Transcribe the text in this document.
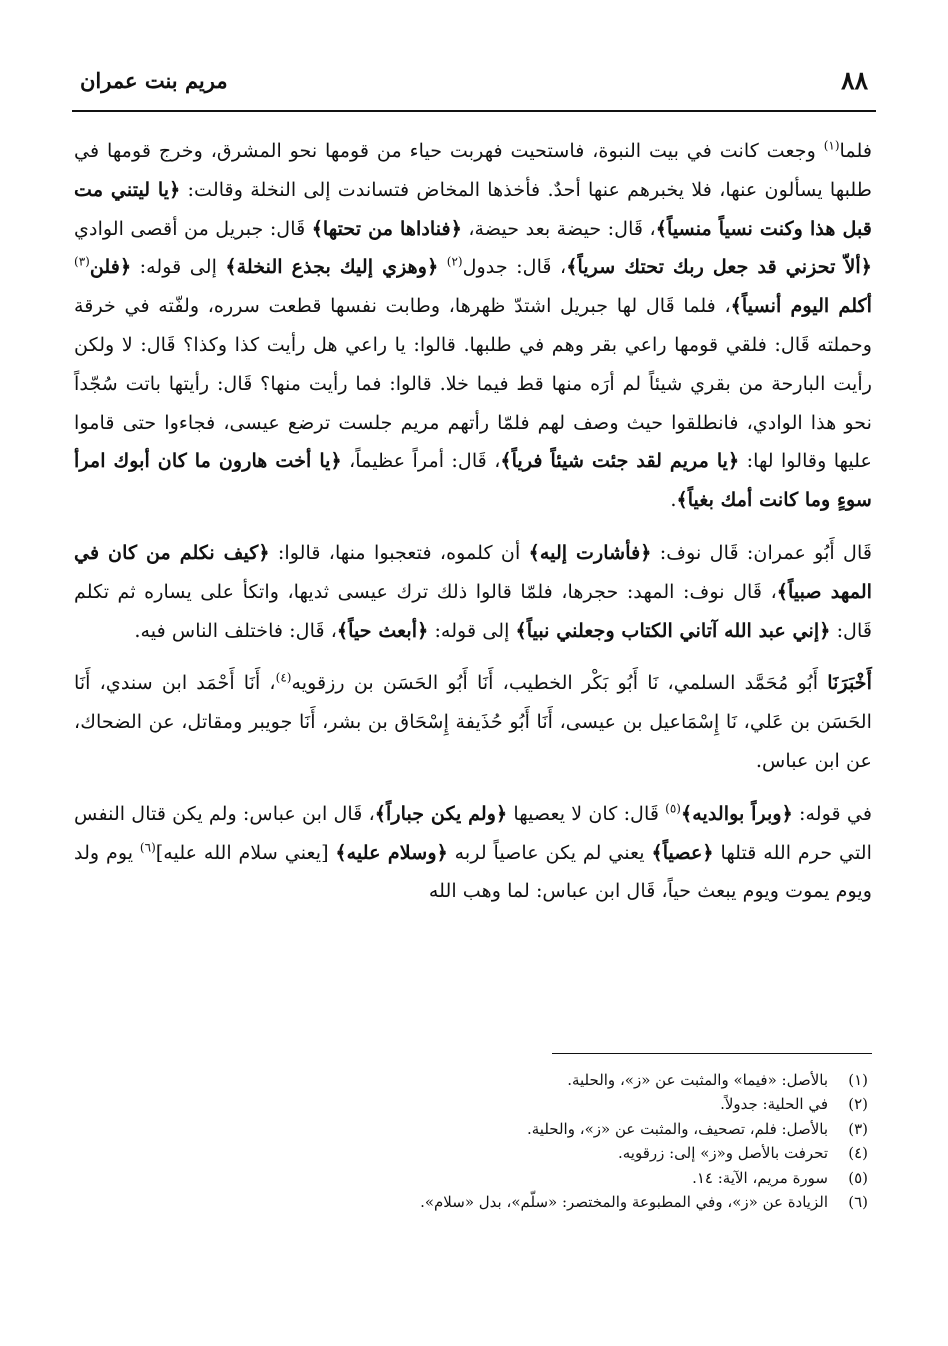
٨٨
مريم بنت عمران

فلما$^{(١)}$ وجعت كانت في بيت النبوة، فاستحيت فهربت حياء من قومها نحو المشرق، وخرج قومها في طلبها يسألون عنها، فلا يخبرهم عنها أحدٌ. فأخذها المخاض فتساندت إلى النخلة وقالت: ﴿يا ليتني مت قبل هذا وكنت نسياً منسياً﴾، قَال: حيضة بعد حيضة، ﴿فناداها من تحتها﴾ قَال: جبريل من أقصى الوادي ﴿ألاّ تحزني قد جعل ربك تحتك سرياً﴾، قَال: جدول$^{(٢)}$ ﴿وهزي إليك بجذع النخلة﴾ إلى قوله: ﴿فلن$^{(٣)}$ أكلم اليوم أنسياً﴾، فلما قَال لها جبريل اشتدّ ظهرها، وطابت نفسها قطعت سرره، ولفّته في خرقة وحملته قَال: فلقي قومها راعي بقر وهم في طلبها. قالوا: يا راعي هل رأيت كذا وكذا؟ قَال: لا ولكن رأيت البارحة من بقري شيئاً لم أرَه منها قط فيما خلا. قالوا: فما رأيت منها؟ قَال: رأيتها باتت سُجّداً نحو هذا الوادي، فانطلقوا حيث وصف لهم فلمّا رأتهم مريم جلست ترضع عيسى، فجاءوا حتى قاموا عليها وقالوا لها: ﴿يا مريم لقد جئت شيئاً فرياً﴾، قَال: أمراً عظيماً، ﴿يا أخت هارون ما كان أبوك امرأ سوءٍ وما كانت أمك بغياً﴾.

قَال أَبُو عمران: قَال نوف: ﴿فأشارت إليه﴾ أن كلموه، فتعجبوا منها، قالوا: ﴿كيف نكلم من كان في المهد صبياً﴾، قَال نوف: المهد: حجرها، فلمّا قالوا ذلك ترك عيسى ثديها، واتكأ على يساره ثم تكلم قَال: ﴿إني عبد الله آتاني الكتاب وجعلني نبياً﴾ إلى قوله: ﴿أبعث حياً﴾، قَال: فاختلف الناس فيه.

أَخْبَرَنَا أَبُو مُحَمَّد السلمي، نَا أَبُو بَكْر الخطيب، أَنَا أَبُو الحَسَن بن رزقويه$^{(٤)}$، أَنَا أَحْمَد ابن سندي، أَنَا الحَسَن بن عَلي، نَا إِسْمَاعيل بن عيسى، أَنَا أَبُو حُذَيفة إِسْحَاق بن بشر، أَنَا جويبر ومقاتل، عن الضحاك، عن ابن عباس.

في قوله: ﴿وبراً بوالديه﴾$^{(٥)}$ قَال: كان لا يعصيها ﴿ولم يكن جباراً﴾، قَال ابن عباس: ولم يكن قتال النفس التي حرم الله قتلها ﴿عصياً﴾ يعني لم يكن عاصياً لربه ﴿وسلام عليه﴾ [يعني سلام الله عليه]$^{(٦)}$ يوم ولد ويوم يموت ويوم يبعث حياً، قَال ابن عباس: لما وهب الله

(١)بالأصل: «فيما» والمثبت عن «ز»، والحلية.
(٢)في الحلية: جدولاً.
(٣)بالأصل: فلم، تصحيف، والمثبت عن «ز»، والحلية.
(٤)تحرفت بالأصل و«ز» إلى: زرقويه.
(٥)سورة مريم، الآية: ١٤.
(٦)الزيادة عن «ز»، وفي المطبوعة والمختصر: «سلّم»، بدل «سلام».
